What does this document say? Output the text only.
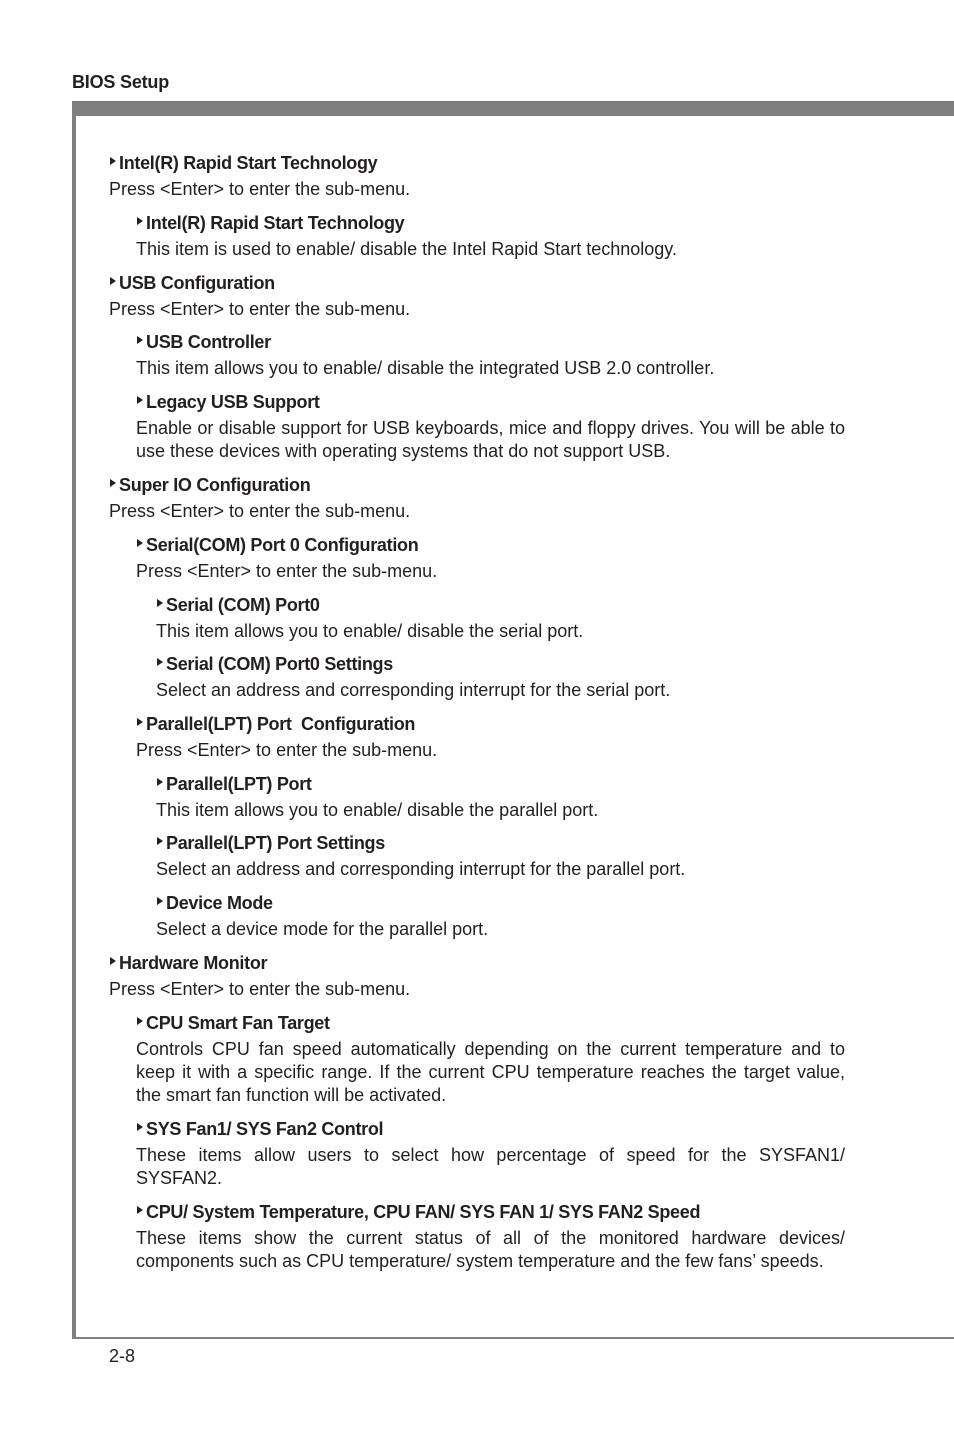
BIOS Setup
2-8
Intel(R) Rapid Start Technology
Press <Enter> to enter the sub-menu.
Intel(R) Rapid Start Technology
This item is used to enable/ disable the Intel Rapid Start technology.
USB Configuration
Press <Enter> to enter the sub-menu.
USB Controller
This item allows you to enable/ disable the integrated USB 2.0 controller.
Legacy USB Support
Enable or disable support for USB keyboards, mice and floppy drives. You will be able to use these devices with operating systems that do not support USB.
Super IO Configuration
Press <Enter> to enter the sub-menu.
Serial(COM) Port 0 Configuration
Press <Enter> to enter the sub-menu.
Serial (COM) Port0
This item allows you to enable/ disable the serial port.
Serial (COM) Port0 Settings
Select an address and corresponding interrupt for the serial port.
Parallel(LPT) Port  Configuration
Press <Enter> to enter the sub-menu.
Parallel(LPT) Port
This item allows you to enable/ disable the parallel port.
Parallel(LPT) Port Settings
Select an address and corresponding interrupt for the parallel port.
Device Mode
Select a device mode for the parallel port.
Hardware Monitor
Press <Enter> to enter the sub-menu.
CPU Smart Fan Target
Controls CPU fan speed automatically depending on the current temperature and to keep it with a specific range. If the current CPU temperature reaches the target value, the smart fan function will be activated.
SYS Fan1/ SYS Fan2 Control
These items allow users to select how percentage of speed for the SYSFAN1/ SYSFAN2.
CPU/ System Temperature, CPU FAN/ SYS FAN 1/ SYS FAN2 Speed
These items show the current status of all of the monitored hardware devices/ components such as CPU temperature/ system temperature and the few fans’ speeds.
